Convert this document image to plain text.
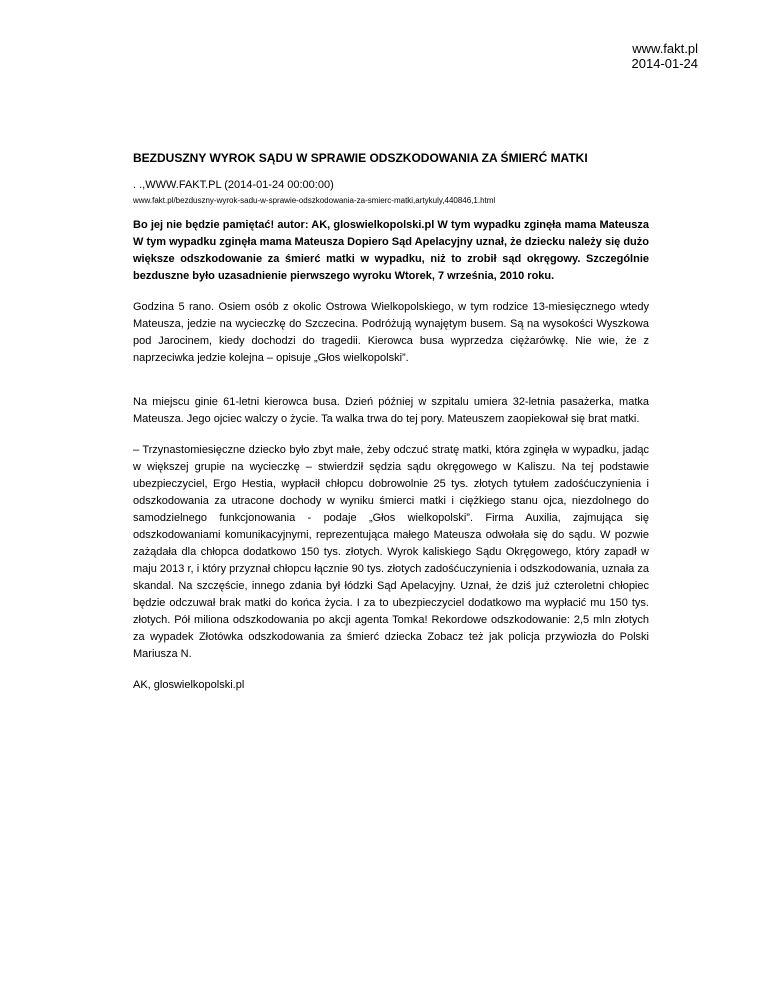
www.fakt.pl
2014-01-24
BEZDUSZNY WYROK SĄDU W SPRAWIE ODSZKODOWANIA ZA ŚMIERĆ MATKI

. .,WWW.FAKT.PL (2014-01-24 00:00:00)

www.fakt.pl/bezduszny-wyrok-sadu-w-sprawie-odszkodowania-za-smierc-matki,artykuly,440846,1.html

Bo jej nie będzie pamiętać! autor: AK, gloswielkopolski.pl W tym wypadku zginęła mama Mateusza W tym wypadku zginęła mama Mateusza Dopiero Sąd Apelacyjny uznał, że dziecku należy się dużo większe odszkodowanie za śmierć matki w wypadku, niż to zrobił sąd okręgowy. Szczególnie bezduszne było uzasadnienie pierwszego wyroku Wtorek, 7 września, 2010 roku.

Godzina 5 rano. Osiem osób z okolic Ostrowa Wielkopolskiego, w tym rodzice 13-miesięcznego wtedy Mateusza, jedzie na wycieczkę do Szczecina. Podróżują wynajętym busem. Są na wysokości Wyszkowa pod Jarocinem, kiedy dochodzi do tragedii. Kierowca busa wyprzedza ciężarówkę. Nie wie, że z naprzeciwka jedzie kolejna – opisuje „Głos wielkopolski”.

Na miejscu ginie 61-letni kierowca busa. Dzień później w szpitalu umiera 32-letnia pasażerka, matka Mateusza. Jego ojciec walczy o życie. Ta walka trwa do tej pory. Mateuszem zaopiekował się brat matki.

– Trzynastomiesięczne dziecko było zbyt małe, żeby odczuć stratę matki, która zginęła w wypadku, jadąc w większej grupie na wycieczkę – stwierdził sędzia sądu okręgowego w Kaliszu. Na tej podstawie ubezpieczyciel, Ergo Hestia, wypłacił chłopcu dobrowolnie 25 tys. złotych tytułem zadośćuczynienia i odszkodowania za utracone dochody w wyniku śmierci matki i ciężkiego stanu ojca, niezdolnego do samodzielnego funkcjonowania - podaje „Głos wielkopolski”. Firma Auxilia, zajmująca się odszkodowaniami komunikacyjnymi, reprezentująca małego Mateusza odwołała się do sądu. W pozwie zażądała dla chłopca dodatkowo 150 tys. złotych. Wyrok kaliskiego Sądu Okręgowego, który zapadł w maju 2013 r, i który przyznał chłopcu łącznie 90 tys. złotych zadośćuczynienia i odszkodowania, uznała za skandal. Na szczęście, innego zdania był łódzki Sąd Apelacyjny. Uznał, że dziś już czteroletni chłopiec będzie odczuwał brak matki do końca życia. I za to ubezpieczyciel dodatkowo ma wypłacić mu 150 tys. złotych. Pół miliona odszkodowania po akcji agenta Tomka! Rekordowe odszkodowanie: 2,5 mln złotych za wypadek Złotówka odszkodowania za śmierć dziecka Zobacz też jak policja przywiozła do Polski Mariusza N.

AK, gloswielkopolski.pl
